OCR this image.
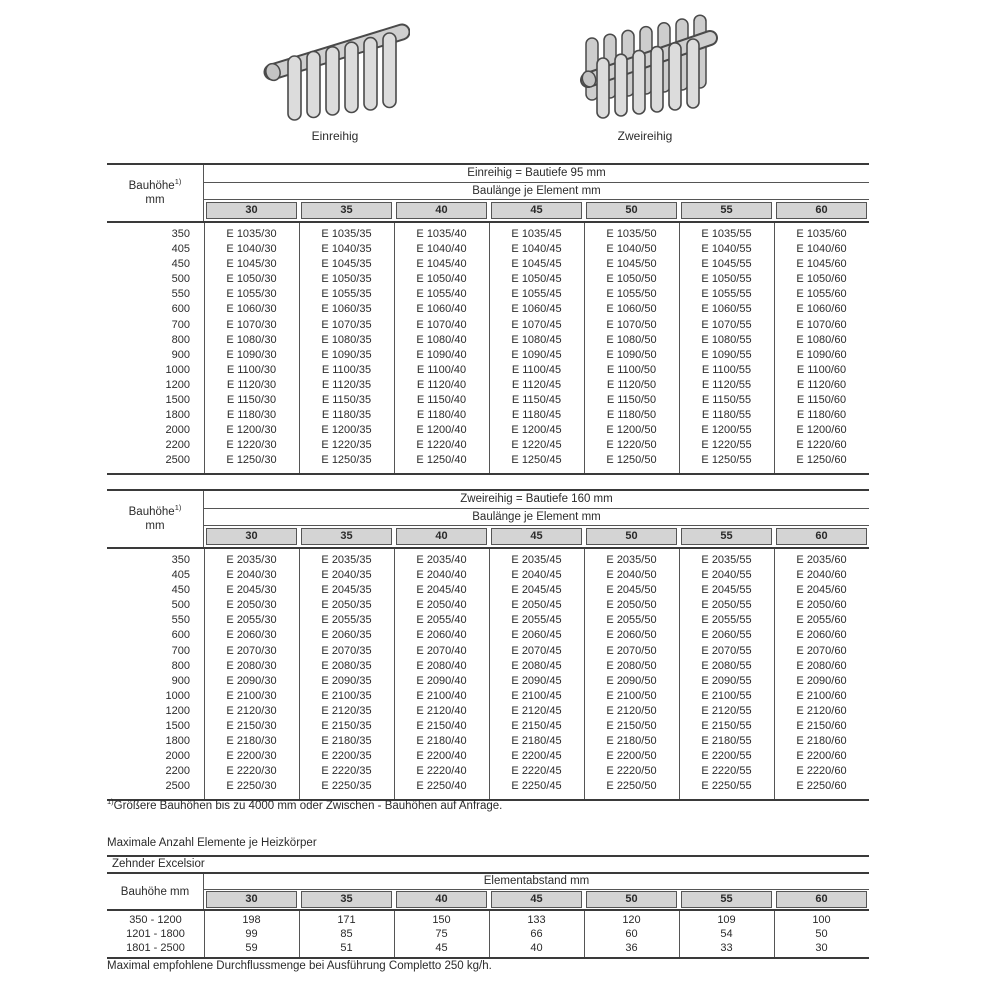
Einreihig	Zweireihig
Bauhöhe$^{1)}$
mm
Einreihig = Bautiefe 95 mm
Baulänge je Element mm
30	35	40	45	50	55	60
350	E 1035/30	E 1035/35	E 1035/40	E 1035/45	E 1035/50	E 1035/55	E 1035/60
405	E 1040/30	E 1040/35	E 1040/40	E 1040/45	E 1040/50	E 1040/55	E 1040/60
450	E 1045/30	E 1045/35	E 1045/40	E 1045/45	E 1045/50	E 1045/55	E 1045/60
500	E 1050/30	E 1050/35	E 1050/40	E 1050/45	E 1050/50	E 1050/55	E 1050/60
550	E 1055/30	E 1055/35	E 1055/40	E 1055/45	E 1055/50	E 1055/55	E 1055/60
600	E 1060/30	E 1060/35	E 1060/40	E 1060/45	E 1060/50	E 1060/55	E 1060/60
700	E 1070/30	E 1070/35	E 1070/40	E 1070/45	E 1070/50	E 1070/55	E 1070/60
800	E 1080/30	E 1080/35	E 1080/40	E 1080/45	E 1080/50	E 1080/55	E 1080/60
900	E 1090/30	E 1090/35	E 1090/40	E 1090/45	E 1090/50	E 1090/55	E 1090/60
1000	E 1100/30	E 1100/35	E 1100/40	E 1100/45	E 1100/50	E 1100/55	E 1100/60
1200	E 1120/30	E 1120/35	E 1120/40	E 1120/45	E 1120/50	E 1120/55	E 1120/60
1500	E 1150/30	E 1150/35	E 1150/40	E 1150/45	E 1150/50	E 1150/55	E 1150/60
1800	E 1180/30	E 1180/35	E 1180/40	E 1180/45	E 1180/50	E 1180/55	E 1180/60
2000	E 1200/30	E 1200/35	E 1200/40	E 1200/45	E 1200/50	E 1200/55	E 1200/60
2200	E 1220/30	E 1220/35	E 1220/40	E 1220/45	E 1220/50	E 1220/55	E 1220/60
2500	E 1250/30	E 1250/35	E 1250/40	E 1250/45	E 1250/50	E 1250/55	E 1250/60
Bauhöhe$^{1)}$
mm
Zweireihig = Bautiefe 160 mm
Baulänge je Element mm
30	35	40	45	50	55	60
350	E 2035/30	E 2035/35	E 2035/40	E 2035/45	E 2035/50	E 2035/55	E 2035/60
405	E 2040/30	E 2040/35	E 2040/40	E 2040/45	E 2040/50	E 2040/55	E 2040/60
450	E 2045/30	E 2045/35	E 2045/40	E 2045/45	E 2045/50	E 2045/55	E 2045/60
500	E 2050/30	E 2050/35	E 2050/40	E 2050/45	E 2050/50	E 2050/55	E 2050/60
550	E 2055/30	E 2055/35	E 2055/40	E 2055/45	E 2055/50	E 2055/55	E 2055/60
600	E 2060/30	E 2060/35	E 2060/40	E 2060/45	E 2060/50	E 2060/55	E 2060/60
700	E 2070/30	E 2070/35	E 2070/40	E 2070/45	E 2070/50	E 2070/55	E 2070/60
800	E 2080/30	E 2080/35	E 2080/40	E 2080/45	E 2080/50	E 2080/55	E 2080/60
900	E 2090/30	E 2090/35	E 2090/40	E 2090/45	E 2090/50	E 2090/55	E 2090/60
1000	E 2100/30	E 2100/35	E 2100/40	E 2100/45	E 2100/50	E 2100/55	E 2100/60
1200	E 2120/30	E 2120/35	E 2120/40	E 2120/45	E 2120/50	E 2120/55	E 2120/60
1500	E 2150/30	E 2150/35	E 2150/40	E 2150/45	E 2150/50	E 2150/55	E 2150/60
1800	E 2180/30	E 2180/35	E 2180/40	E 2180/45	E 2180/50	E 2180/55	E 2180/60
2000	E 2200/30	E 2200/35	E 2200/40	E 2200/45	E 2200/50	E 2200/55	E 2200/60
2200	E 2220/30	E 2220/35	E 2220/40	E 2220/45	E 2220/50	E 2220/55	E 2220/60
2500	E 2250/30	E 2250/35	E 2250/40	E 2250/45	E 2250/50	E 2250/55	E 2250/60
$^{1)}$Größere Bauhöhen bis zu 4000 mm oder Zwischen - Bauhöhen auf Anfrage.
Maximale Anzahl Elemente je Heizkörper
Zehnder Excelsior
Bauhöhe mm
Elementabstand mm
30	35	40	45	50	55	60
350 - 1200	198	171	150	133	120	109	100
1201 - 1800	99	85	75	66	60	54	50
1801 - 2500	59	51	45	40	36	33	30
Maximal empfohlene Durchflussmenge bei Ausführung Completto 250 kg/h.
